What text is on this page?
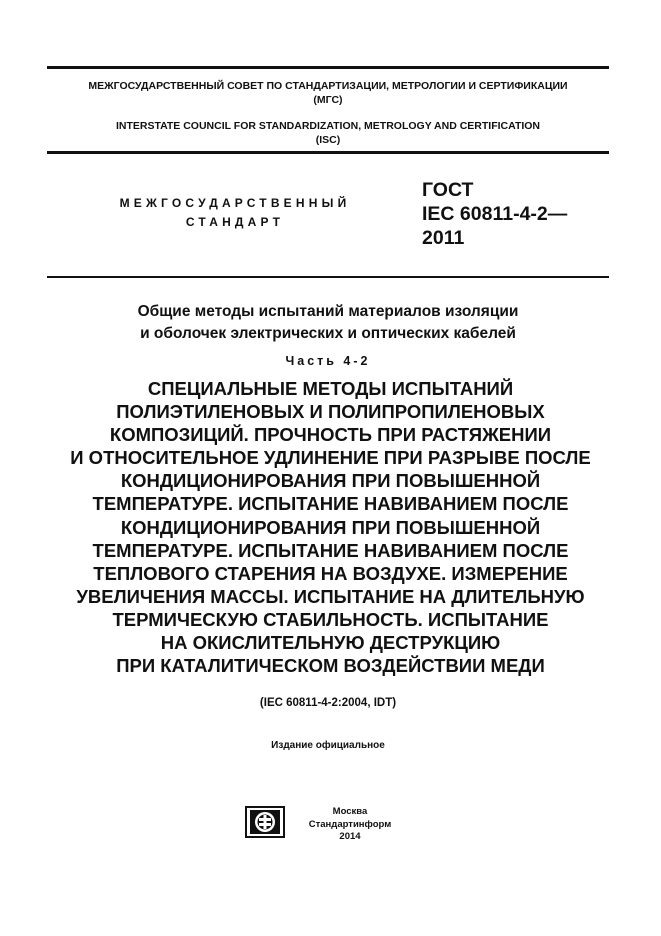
МЕЖГОСУДАРСТВЕННЫЙ СОВЕТ ПО СТАНДАРТИЗАЦИИ, МЕТРОЛОГИИ И СЕРТИФИКАЦИИ
(МГС)
INTERSTATE COUNCIL FOR STANDARDIZATION, METROLOGY AND CERTIFICATION
(ISC)
МЕЖГОСУДАРСТВЕННЫЙ
СТАНДАРТ
ГОСТ
IEC 60811-4-2—
2011
Общие методы испытаний материалов изоляции
и оболочек электрических и оптических кабелей
Часть 4-2
СПЕЦИАЛЬНЫЕ МЕТОДЫ ИСПЫТАНИЙ
ПОЛИЭТИЛЕНОВЫХ И ПОЛИПРОПИЛЕНОВЫХ
КОМПОЗИЦИЙ. ПРОЧНОСТЬ ПРИ РАСТЯЖЕНИИ
И ОТНОСИТЕЛЬНОЕ УДЛИНЕНИЕ ПРИ РАЗРЫВЕ ПОСЛЕ
КОНДИЦИОНИРОВАНИЯ ПРИ ПОВЫШЕННОЙ
ТЕМПЕРАТУРЕ. ИСПЫТАНИЕ НАВИВАНИЕМ ПОСЛЕ
КОНДИЦИОНИРОВАНИЯ ПРИ ПОВЫШЕННОЙ
ТЕМПЕРАТУРЕ. ИСПЫТАНИЕ НАВИВАНИЕМ ПОСЛЕ
ТЕПЛОВОГО СТАРЕНИЯ НА ВОЗДУХЕ. ИЗМЕРЕНИЕ
УВЕЛИЧЕНИЯ МАССЫ. ИСПЫТАНИЕ НА ДЛИТЕЛЬНУЮ
ТЕРМИЧЕСКУЮ СТАБИЛЬНОСТЬ. ИСПЫТАНИЕ
НА ОКИСЛИТЕЛЬНУЮ ДЕСТРУКЦИЮ
ПРИ КАТАЛИТИЧЕСКОМ ВОЗДЕЙСТВИИ МЕДИ
(IEC 60811-4-2:2004, IDT)
Издание официальное
Москва
Стандартинформ
2014
